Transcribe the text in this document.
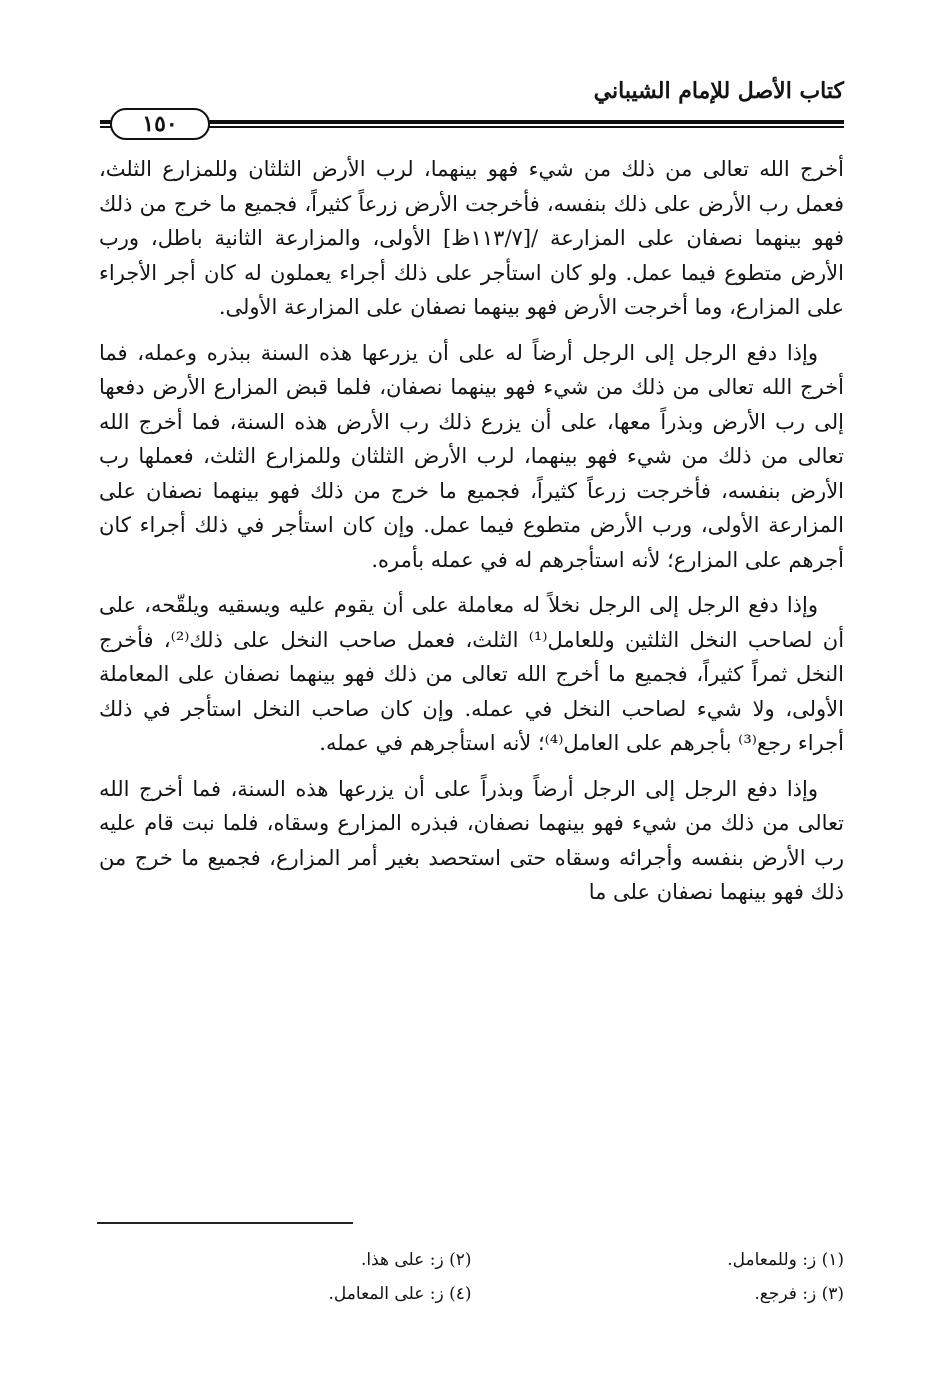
كتاب الأصل للإمام الشيباني
١٥٠

أخرج الله تعالى من ذلك من شيء فهو بينهما، لرب الأرض الثلثان وللمزارع الثلث، فعمل رب الأرض على ذلك بنفسه، فأخرجت الأرض زرعاً كثيراً، فجميع ما خرج من ذلك فهو بينهما نصفان على المزارعة /[١١٣/٧ظ] الأولى، والمزارعة الثانية باطل، ورب الأرض متطوع فيما عمل. ولو كان استأجر على ذلك أجراء يعملون له كان أجر الأجراء على المزارع، وما أخرجت الأرض فهو بينهما نصفان على المزارعة الأولى.

وإذا دفع الرجل إلى الرجل أرضاً له على أن يزرعها هذه السنة ببذره وعمله، فما أخرج الله تعالى من ذلك من شيء فهو بينهما نصفان، فلما قبض المزارع الأرض دفعها إلى رب الأرض وبذراً معها، على أن يزرع ذلك رب الأرض هذه السنة، فما أخرج الله تعالى من ذلك من شيء فهو بينهما، لرب الأرض الثلثان وللمزارع الثلث، فعملها رب الأرض بنفسه، فأخرجت زرعاً كثيراً، فجميع ما خرج من ذلك فهو بينهما نصفان على المزارعة الأولى، ورب الأرض متطوع فيما عمل. وإن كان استأجر في ذلك أجراء كان أجرهم على المزارع؛ لأنه استأجرهم له في عمله بأمره.

وإذا دفع الرجل إلى الرجل نخلاً له معاملة على أن يقوم عليه ويسقيه ويلقّحه، على أن لصاحب النخل الثلثين وللعامل⁽¹⁾ الثلث، فعمل صاحب النخل على ذلك⁽²⁾، فأخرج النخل ثمراً كثيراً، فجميع ما أخرج الله تعالى من ذلك فهو بينهما نصفان على المعاملة الأولى، ولا شيء لصاحب النخل في عمله. وإن كان صاحب النخل استأجر في ذلك أجراء رجع⁽³⁾ بأجرهم على العامل⁽⁴⁾؛ لأنه استأجرهم في عمله.

وإذا دفع الرجل إلى الرجل أرضاً وبذراً على أن يزرعها هذه السنة، فما أخرج الله تعالى من ذلك من شيء فهو بينهما نصفان، فبذره المزارع وسقاه، فلما نبت قام عليه رب الأرض بنفسه وأجرائه وسقاه حتى استحصد بغير أمر المزارع، فجميع ما خرج من ذلك فهو بينهما نصفان على ما

(١) ز: وللمعامل.
(٢) ز: على هذا.
(٣) ز: فرجع.
(٤) ز: على المعامل.
